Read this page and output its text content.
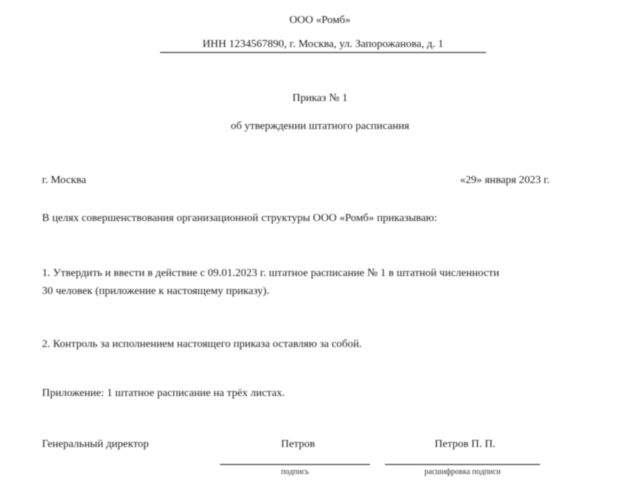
ООО «Ромб»
ИНН 1234567890, г. Москва, ул. Запорожанова, д. 1
Приказ № 1
об утверждении штатного расписания
г. Москва	«29» января 2023 г.
В целях совершенствования организационной структуры ООО «Ромб» приказываю:
1. Утвердить и ввести в действие с 09.01.2023 г. штатное расписание № 1 в штатной численности
30 человек (приложение к настоящему приказу).
2. Контроль за исполнением настоящего приказа оставляю за собой.
Приложение: 1 штатное расписание на трёх листах.
Генеральный директор	Петров	Петров П. П.
подпись	расшифровка подписи
